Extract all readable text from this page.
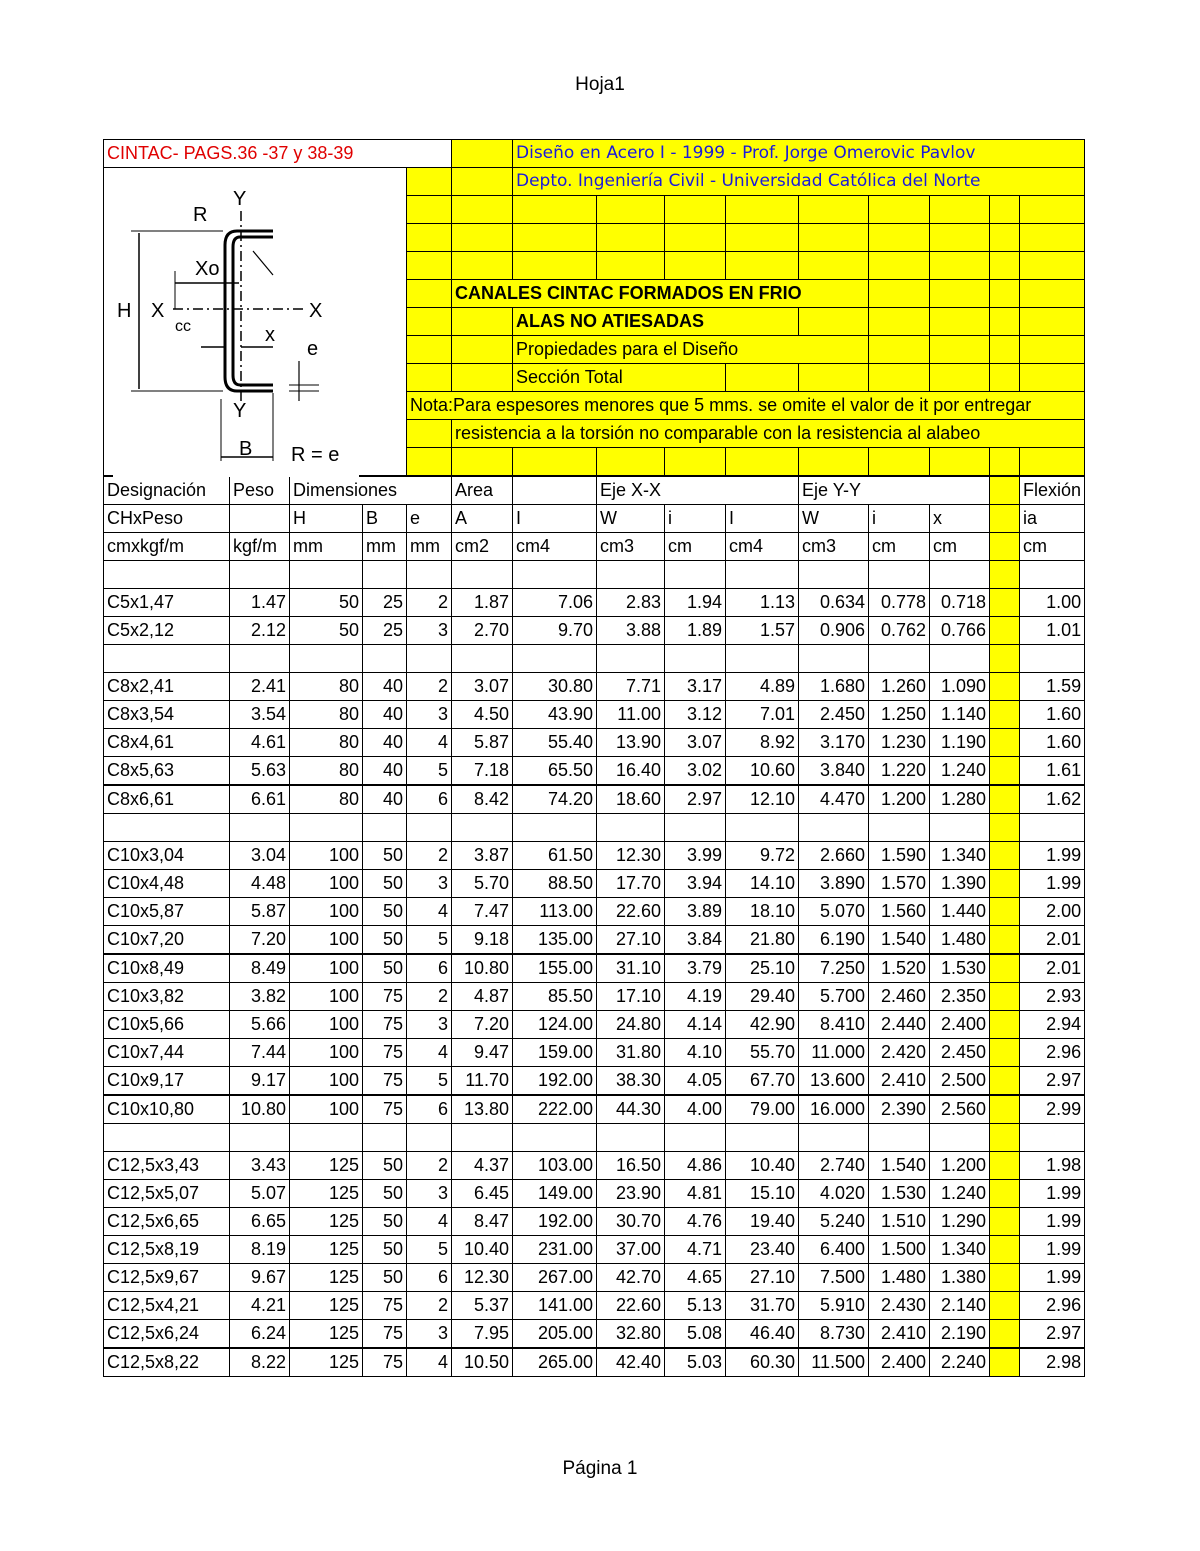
Hoja1
CINTAC- PAGS.36 -37 y 38-39						Diseño en Acero I - 1999 - Prof. Jorge Omerovic Pavlov								
						Depto. Ingeniería Civil - Universidad Católica del Norte								

					CANALES CINTAC FORMADOS EN FRIO									
						ALAS NO ATIESADAS								
						Propiedades para el Diseño								
						Sección Total								
				Nota:Para espesores menores que 5 mms. se omite el valor de it por entregar										
					resistencia a la torsión no comparable con la resistencia al alabeo									

Designación	Peso	Dimensiones			Area		Eje X-X			Eje Y-Y				Flexión
CHxPeso		H	B	e	A	I	W	i	I	W	i	x		ia
cmxkgf/m	kgf/m	mm	mm	mm	cm2	cm4	cm3	cm	cm4	cm3	cm	cm		cm

C5x1,47	1.47	50	25	2	1.87	7.06	2.83	1.94	1.13	0.634	0.778	0.718		1.00
C5x2,12	2.12	50	25	3	2.70	9.70	3.88	1.89	1.57	0.906	0.762	0.766		1.01

C8x2,41	2.41	80	40	2	3.07	30.80	7.71	3.17	4.89	1.680	1.260	1.090		1.59
C8x3,54	3.54	80	40	3	4.50	43.90	11.00	3.12	7.01	2.450	1.250	1.140		1.60
C8x4,61	4.61	80	40	4	5.87	55.40	13.90	3.07	8.92	3.170	1.230	1.190		1.60
C8x5,63	5.63	80	40	5	7.18	65.50	16.40	3.02	10.60	3.840	1.220	1.240		1.61
C8x6,61	6.61	80	40	6	8.42	74.20	18.60	2.97	12.10	4.470	1.200	1.280		1.62

C10x3,04	3.04	100	50	2	3.87	61.50	12.30	3.99	9.72	2.660	1.590	1.340		1.99
C10x4,48	4.48	100	50	3	5.70	88.50	17.70	3.94	14.10	3.890	1.570	1.390		1.99
C10x5,87	5.87	100	50	4	7.47	113.00	22.60	3.89	18.10	5.070	1.560	1.440		2.00
C10x7,20	7.20	100	50	5	9.18	135.00	27.10	3.84	21.80	6.190	1.540	1.480		2.01
C10x8,49	8.49	100	50	6	10.80	155.00	31.10	3.79	25.10	7.250	1.520	1.530		2.01
C10x3,82	3.82	100	75	2	4.87	85.50	17.10	4.19	29.40	5.700	2.460	2.350		2.93
C10x5,66	5.66	100	75	3	7.20	124.00	24.80	4.14	42.90	8.410	2.440	2.400		2.94
C10x7,44	7.44	100	75	4	9.47	159.00	31.80	4.10	55.70	11.000	2.420	2.450		2.96
C10x9,17	9.17	100	75	5	11.70	192.00	38.30	4.05	67.70	13.600	2.410	2.500		2.97
C10x10,80	10.80	100	75	6	13.80	222.00	44.30	4.00	79.00	16.000	2.390	2.560		2.99

C12,5x3,43	3.43	125	50	2	4.37	103.00	16.50	4.86	10.40	2.740	1.540	1.200		1.98
C12,5x5,07	5.07	125	50	3	6.45	149.00	23.90	4.81	15.10	4.020	1.530	1.240		1.99
C12,5x6,65	6.65	125	50	4	8.47	192.00	30.70	4.76	19.40	5.240	1.510	1.290		1.99
C12,5x8,19	8.19	125	50	5	10.40	231.00	37.00	4.71	23.40	6.400	1.500	1.340		1.99
C12,5x9,67	9.67	125	50	6	12.30	267.00	42.70	4.65	27.10	7.500	1.480	1.380		1.99
C12,5x4,21	4.21	125	75	2	5.37	141.00	22.60	5.13	31.70	5.910	2.430	2.140		2.96
C12,5x6,24	6.24	125	75	3	7.95	205.00	32.80	5.08	46.40	8.730	2.410	2.190		2.97
C12,5x8,22	8.22	125	75	4	10.50	265.00	42.40	5.03	60.30	11.500	2.400	2.240		2.98
R
Y
Xo
H X	X
cc	x
e
Y
B R = e
Página 1
